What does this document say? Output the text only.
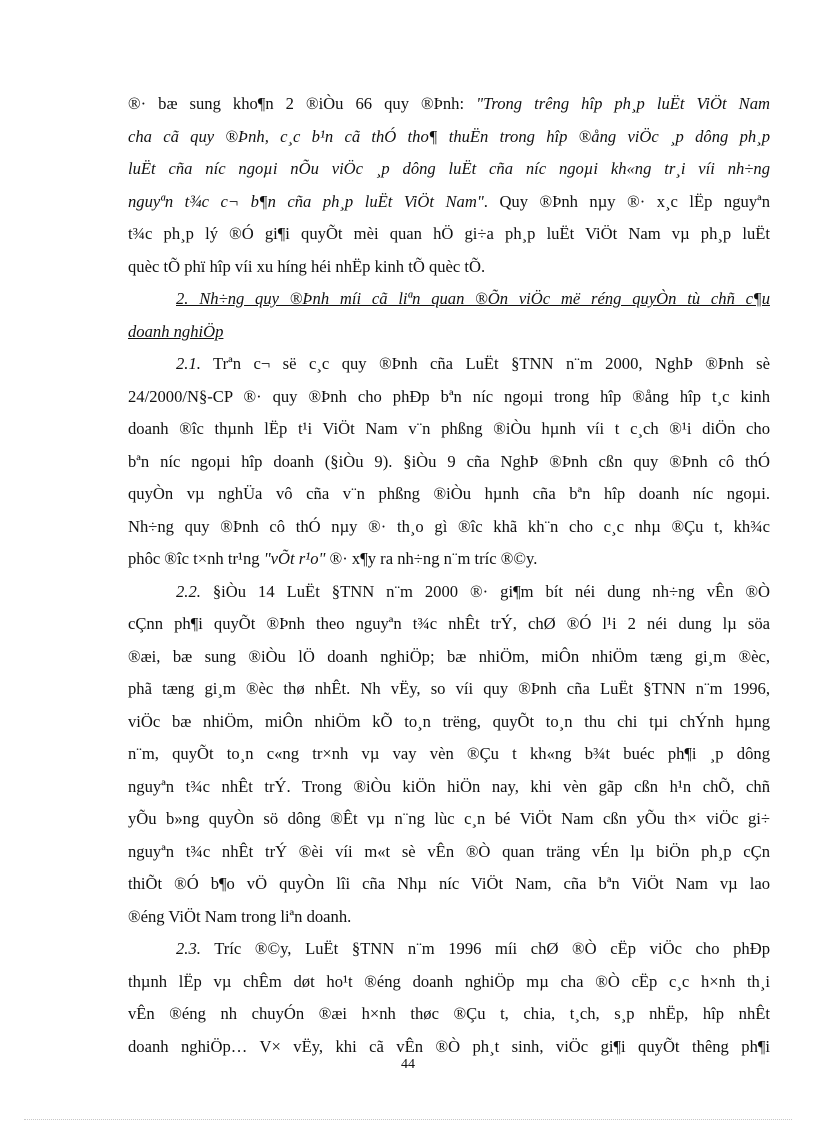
®· bæ sung kho¶n 2 ®iÒu 66 quy ®Þnh: "Trong trêng hîp ph¸p luËt ViÖt Nam
cha cã quy ®Þnh, c¸c b¹n cã thÓ tho¶ thuËn trong hîp ®ång viÖc ¸p dông ph¸p
luËt cña níc ngoµi nÕu viÖc ¸p dông luËt cña níc ngoµi kh«ng tr¸i víi nh÷ng
nguyªn t¾c c¬ b¶n cña ph¸p luËt ViÖt Nam". Quy ®Þnh nµy ®· x¸c lËp nguyªn
t¾c ph¸p lý ®Ó gi¶i quyÕt mèi quan hÖ gi÷a ph¸p luËt ViÖt Nam vµ ph¸p luËt
quèc tÕ phï hîp víi xu híng héi nhËp kinh tÕ quèc tÕ.
2. Nh÷ng quy ®Þnh míi cã liªn quan ®Õn viÖc më réng quyÒn tù chñ c¶u
doanh nghiÖp
2.1. Trªn c¬ së c¸c quy ®Þnh cña LuËt §TNN n¨m 2000, NghÞ ®Þnh sè
24/2000/N§-CP ®· quy ®Þnh cho phÐp bªn níc ngoµi trong hîp ®ång hîp t¸c kinh
doanh ®îc thµnh lËp t¹i ViÖt Nam v¨n phßng ®iÒu hµnh víi t c¸ch ®¹i diÖn cho
bªn níc ngoµi hîp doanh (§iÒu 9). §iÒu 9 cña NghÞ ®Þnh cßn quy ®Þnh cô thÓ
quyÒn vµ nghÜa vô cña v¨n phßng ®iÒu hµnh cña bªn hîp doanh níc ngoµi.
Nh÷ng quy ®Þnh cô thÓ nµy ®· th¸o gì ®îc khã kh¨n cho c¸c nhµ ®Çu t, kh¾c
phôc ®îc t×nh tr¹ng "vÕt r¹o" ®· x¶y ra nh÷ng n¨m tríc ®©y.
2.2. §iÒu 14 LuËt §TNN n¨m 2000 ®· gi¶m bít néi dung nh÷ng vÊn ®Ò
cÇnn ph¶i quyÕt ®Þnh theo nguyªn t¾c nhÊt trÝ, chØ ®Ó l¹i 2 néi dung lµ söa
®æi, bæ sung ®iÒu lÖ doanh nghiÖp; bæ nhiÖm, miÔn nhiÖm tæng gi¸m ®èc,
phã tæng gi¸m ®èc thø nhÊt. Nh vËy, so víi quy ®Þnh cña LuËt §TNN n¨m 1996,
viÖc bæ nhiÖm, miÔn nhiÖm kÕ to¸n trëng, quyÕt to¸n thu chi tµi chÝnh hµng
n¨m, quyÕt to¸n c«ng tr×nh vµ vay vèn ®Çu t kh«ng b¾t buéc ph¶i ¸p dông
nguyªn t¾c nhÊt trÝ. Trong ®iÒu kiÖn hiÖn nay, khi vèn gãp cßn h¹n chÕ, chñ
yÕu b»ng quyÒn sö dông ®Êt vµ n¨ng lùc c¸n bé ViÖt Nam cßn yÕu th× viÖc gi÷
nguyªn t¾c nhÊt trÝ ®èi víi m«t sè vÊn ®Ò quan träng vÉn lµ biÖn ph¸p cÇn
thiÕt ®Ó b¶o vÖ quyÒn lîi cña Nhµ níc ViÖt Nam, cña bªn ViÖt Nam vµ lao
®éng ViÖt Nam trong liªn doanh.
2.3. Tríc ®©y, LuËt §TNN n¨m 1996 míi chØ ®Ò cËp viÖc cho phÐp
thµnh lËp vµ chÊm døt ho¹t ®éng doanh nghiÖp mµ cha ®Ò cËp c¸c h×nh th¸i
vÊn ®éng nh chuyÓn ®æi h×nh thøc ®Çu t, chia, t¸ch, s¸p nhËp, hîp nhÊt
doanh nghiÖp… V× vËy, khi cã vÊn ®Ò ph¸t sinh, viÖc gi¶i quyÕt thêng ph¶i
44
